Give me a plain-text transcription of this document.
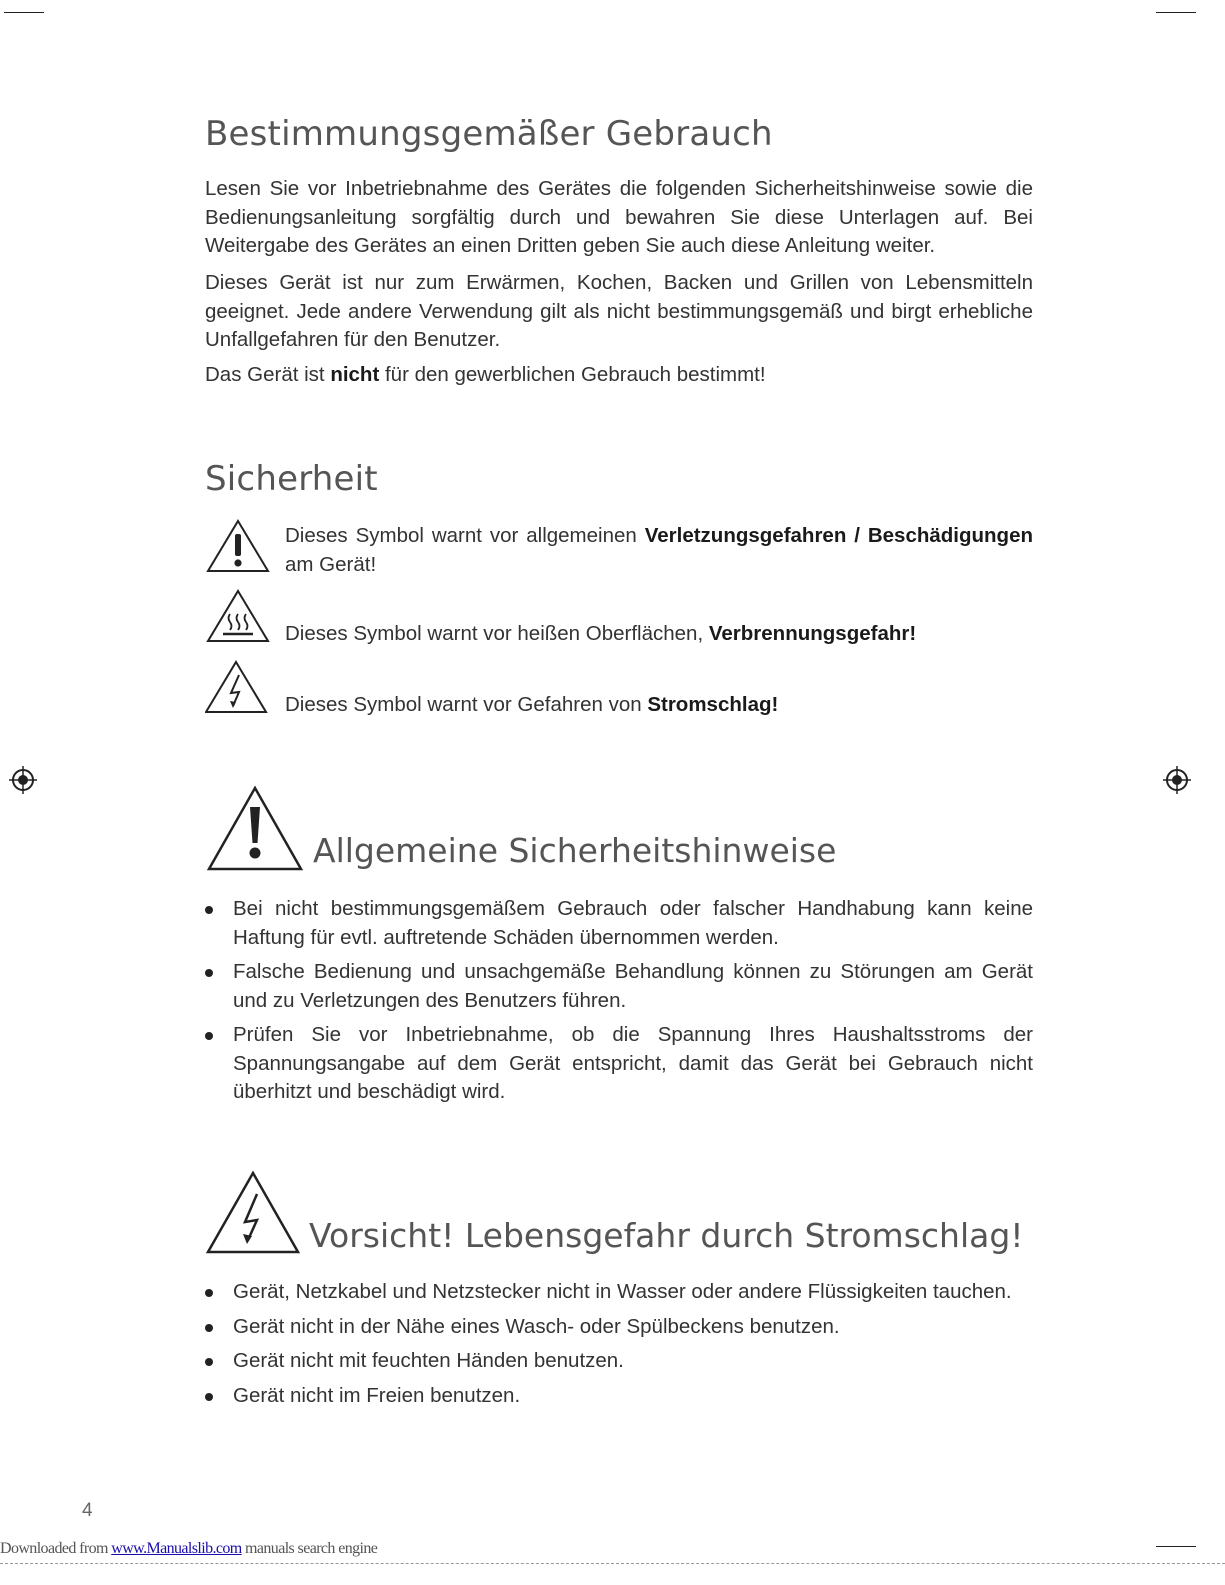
Bestimmungsgemäßer Gebrauch

Lesen Sie vor Inbetriebnahme des Gerätes die folgenden Sicherheitshinweise sowie die Bedienungsanleitung sorgfältig durch und bewahren Sie diese Unterlagen auf. Bei Weitergabe des Gerätes an einen Dritten geben Sie auch diese Anleitung weiter.

Dieses Gerät ist nur zum Erwärmen, Kochen, Backen und Grillen von Lebensmitteln geeignet. Jede andere Verwendung gilt als nicht bestimmungsgemäß und birgt erhebliche Unfallgefahren für den Benutzer.

Das Gerät ist nicht für den gewerblichen Gebrauch bestimmt!

Sicherheit
Dieses Symbol warnt vor allgemeinen Verletzungsgefahren / Beschädigungen am Gerät!
Dieses Symbol warnt vor heißen Oberflächen, Verbrennungsgefahr!
Dieses Symbol warnt vor Gefahren von Stromschlag!
Allgemeine Sicherheitshinweise
Bei nicht bestimmungsgemäßem Gebrauch oder falscher Handhabung kann keine Haftung für evtl. auftretende Schäden übernommen werden.
Falsche Bedienung und unsachgemäße Behandlung können zu Störungen am Gerät und zu Verletzungen des Benutzers führen.
Prüfen Sie vor Inbetriebnahme, ob die Spannung Ihres Haushaltsstroms der Spannungsangabe auf dem Gerät entspricht, damit das Gerät bei Gebrauch nicht überhitzt und beschädigt wird.
Vorsicht! Lebensgefahr durch Stromschlag!
Gerät, Netzkabel und Netzstecker nicht in Wasser oder andere Flüssigkeiten tauchen.
Gerät nicht in der Nähe eines Wasch- oder Spülbeckens benutzen.
Gerät nicht mit feuchten Händen benutzen.
Gerät nicht im Freien benutzen.
4
Downloaded from www.Manualslib.com manuals search engine
